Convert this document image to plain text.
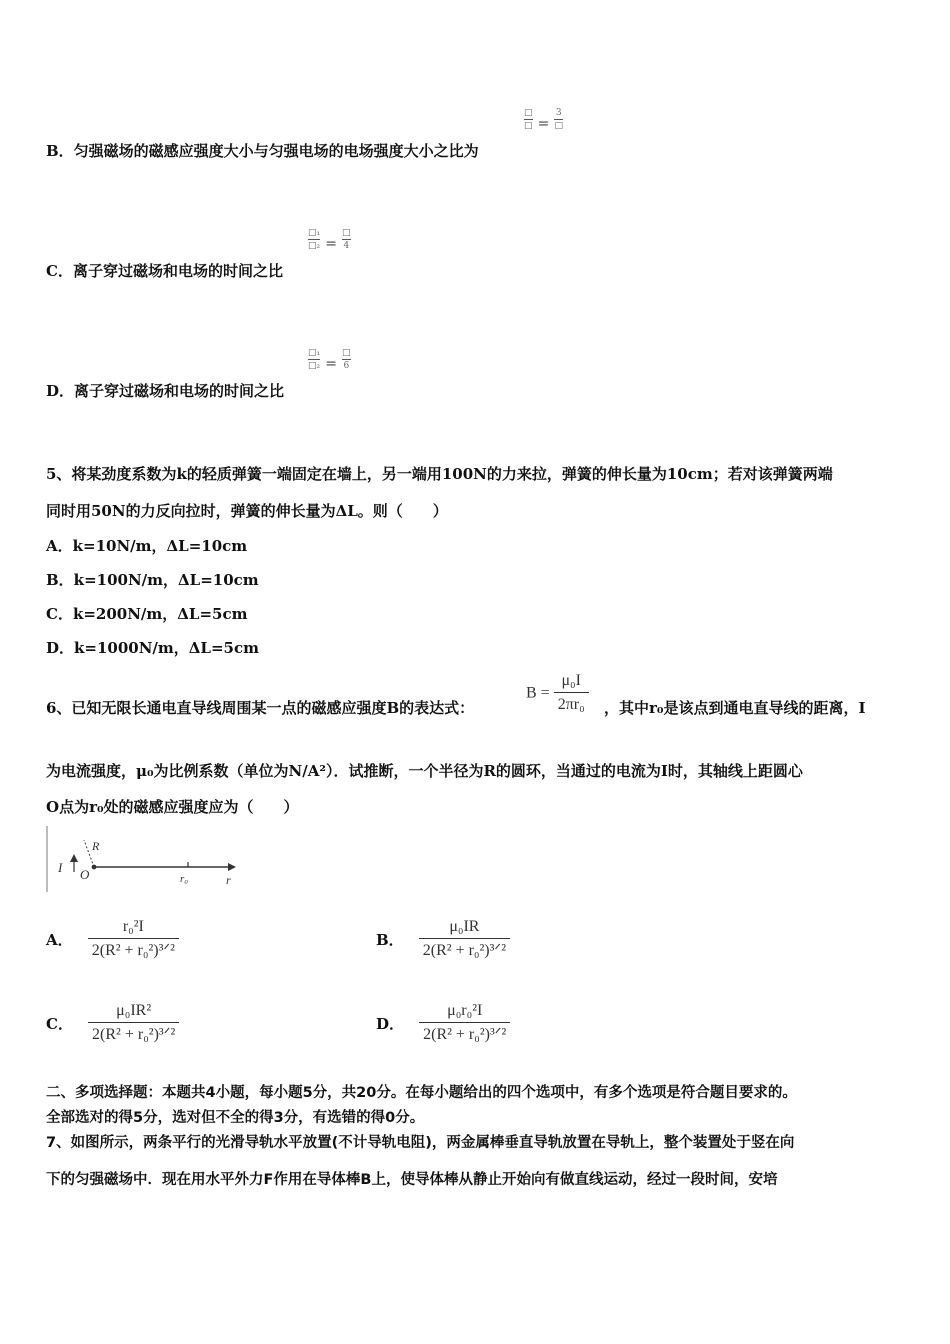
$\frac{□}{□} = \frac{3}{□}$
B．匀强磁场的磁感应强度大小与匀强电场的电场强度大小之比为
$\frac{\text{□₁}}{\text{□₂}} = \frac{□}{4}$
C．离子穿过磁场和电场的时间之比
$\frac{\text{□₁}}{\text{□₂}} = \frac{□}{6}$
D．离子穿过磁场和电场的时间之比
5、将某劲度系数为k的轻质弹簧一端固定在墙上，另一端用100N的力来拉，弹簧的伸长量为10cm；若对该弹簧两端
同时用50N的力反向拉时，弹簧的伸长量为ΔL。则（　　）
A．k=10N/m，ΔL=10cm
B．k=100N/m，ΔL=10cm
C．k=200N/m，ΔL=5cm
D．k=1000N/m，ΔL=5cm
6、已知无限长通电直导线周围某一点的磁感应强度B的表达式：
$B = \frac{\text{μ₀I}}{\text{2πr₀}}$ ，其中r₀是该点到通电直导线的距离，I
为电流强度，μ₀为比例系数（单位为N/A²）．试推断，一个半径为R的圆环，当通过的电流为I时，其轴线上距圆心
O点为r₀处的磁感应强度应为（　　）
I O
R
r₀	r
A． $\frac{\text{r₀²I}}{\text{2(R² + r₀²)³ᐟ²}}$	B． $\frac{\text{μ₀IR}}{\text{2(R² + r₀²)³ᐟ²}}$
C． $\frac{\text{μ₀IR²}}{\text{2(R² + r₀²)³ᐟ²}}$	D． $\frac{\text{μ₀r₀²I}}{\text{2(R² + r₀²)³ᐟ²}}$
二、多项选择题：本题共4小题，每小题5分，共20分。在每小题给出的四个选项中，有多个选项是符合题目要求的。
全部选对的得5分，选对但不全的得3分，有选错的得0分。
7、如图所示，两条平行的光滑导轨水平放置(不计导轨电阻)，两金属棒垂直导轨放置在导轨上，整个装置处于竖在向
下的匀强磁场中．现在用水平外力F作用在导体棒B上，使导体棒从静止开始向有做直线运动，经过一段时间，安培
